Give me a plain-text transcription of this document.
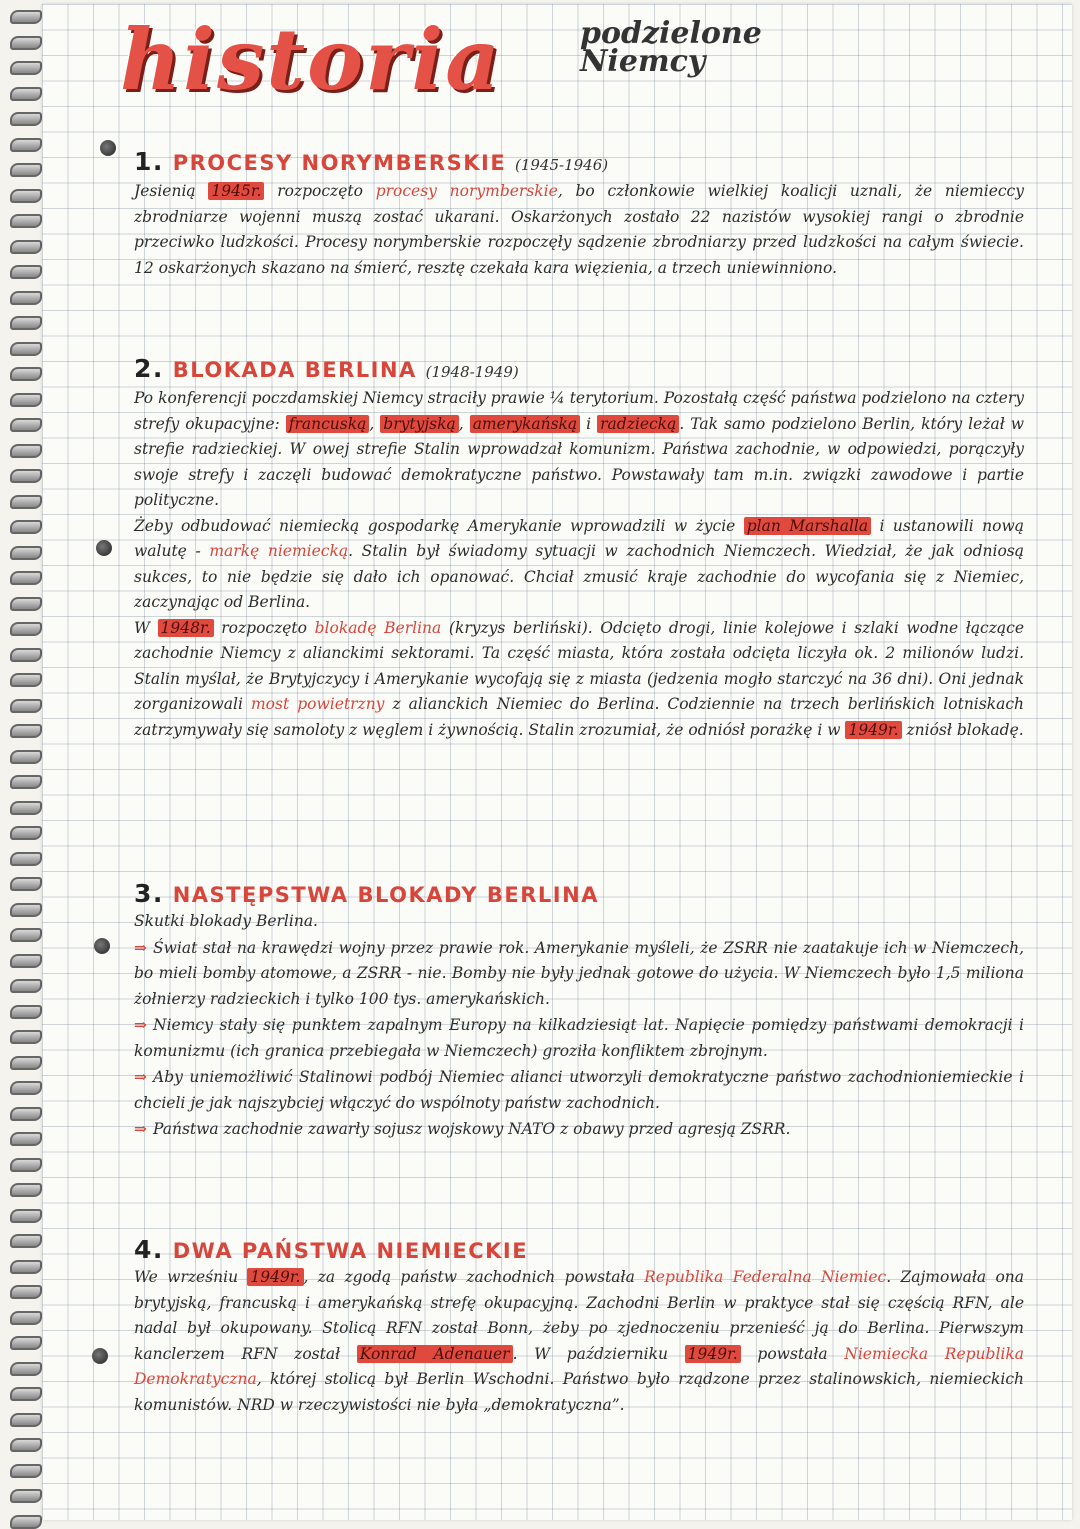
historia	podzielone Niemcy
1. PROCESY NORYMBERSKIE (1945-1946)

Jesienią 1945r. rozpoczęto procesy norymberskie, bo członkowie wielkiej koalicji uznali, że niemieccy zbrodniarze wojenni muszą zostać ukarani. Oskarżonych zostało 22 nazistów wysokiej rangi o zbrodnie przeciwko ludzkości. Procesy norymberskie rozpoczęły sądzenie zbrodniarzy przed ludzkości na całym świecie. 12 oskarżonych skazano na śmierć, resztę czekała kara więzienia, a trzech uniewinniono.

2. BLOKADA BERLINA (1948-1949)

Po konferencji poczdamskiej Niemcy straciły prawie ¼ terytorium. Pozostałą część państwa podzielono na cztery strefy okupacyjne: francuską , brytyjską , amerykańską i radziecką . Tak samo podzielono Berlin, który leżał w strefie radzieckiej. W owej strefie Stalin wprowadzał komunizm. Państwa zachodnie, w odpowiedzi, porączyły swoje strefy i zaczęli budować demokratyczne państwo. Powstawały tam m.in. związki zawodowe i partie polityczne.

Żeby odbudować niemiecką gospodarkę Amerykanie wprowadzili w życie plan Marshalla i ustanowili nową walutę - markę niemiecką. Stalin był świadomy sytuacji w zachodnich Niemczech. Wiedział, że jak odniosą sukces, to nie będzie się dało ich opanować. Chciał zmusić kraje zachodnie do wycofania się z Niemiec, zaczynając od Berlina.

W 1948r. rozpoczęto blokadę Berlina (kryzys berliński). Odcięto drogi, linie kolejowe i szlaki wodne łączące zachodnie Niemcy z alianckimi sektorami. Ta część miasta, która została odcięta liczyła ok. 2 milionów ludzi. Stalin myślał, że Brytyjczycy i Amerykanie wycofają się z miasta (jedzenia mogło starczyć na 36 dni). Oni jednak zorganizowali most powietrzny z alianckich Niemiec do Berlina. Codziennie na trzech berlińskich lotniskach zatrzymywały się samoloty z węglem i żywnością. Stalin zrozumiał, że odniósł porażkę i w 1949r. zniósł blokadę.

3. NASTĘPSTWA BLOKADY BERLINA

Skutki blokady Berlina.

⇒ Świat stał na krawędzi wojny przez prawie rok. Amerykanie myśleli, że ZSRR nie zaatakuje ich w Niemczech, bo mieli bomby atomowe, a ZSRR - nie. Bomby nie były jednak gotowe do użycia. W Niemczech było 1,5 miliona żołnierzy radzieckich i tylko 100 tys. amerykańskich.

⇒ Niemcy stały się punktem zapalnym Europy na kilkadziesiąt lat. Napięcie pomiędzy państwami demokracji i komunizmu (ich granica przebiegała w Niemczech) groziła konfliktem zbrojnym.

⇒ Aby uniemożliwić Stalinowi podbój Niemiec alianci utworzyli demokratyczne państwo zachodnioniemieckie i chcieli je jak najszybciej włączyć do wspólnoty państw zachodnich.

⇒ Państwa zachodnie zawarły sojusz wojskowy NATO z obawy przed agresją ZSRR.

4. DWA PAŃSTWA NIEMIECKIE

We wrześniu 1949r. , za zgodą państw zachodnich powstała Republika Federalna Niemiec. Zajmowała ona brytyjską, francuską i amerykańską strefę okupacyjną. Zachodni Berlin w praktyce stał się częścią RFN, ale nadal był okupowany. Stolicą RFN został Bonn, żeby po zjednoczeniu przenieść ją do Berlina. Pierwszym kanclerzem RFN został Konrad Adenauer . W październiku 1949r. powstała Niemiecka Republika Demokratyczna, której stolicą był Berlin Wschodni. Państwo było rządzone przez stalinowskich, niemieckich komunistów. NRD w rzeczywistości nie była „demokratyczna”.
